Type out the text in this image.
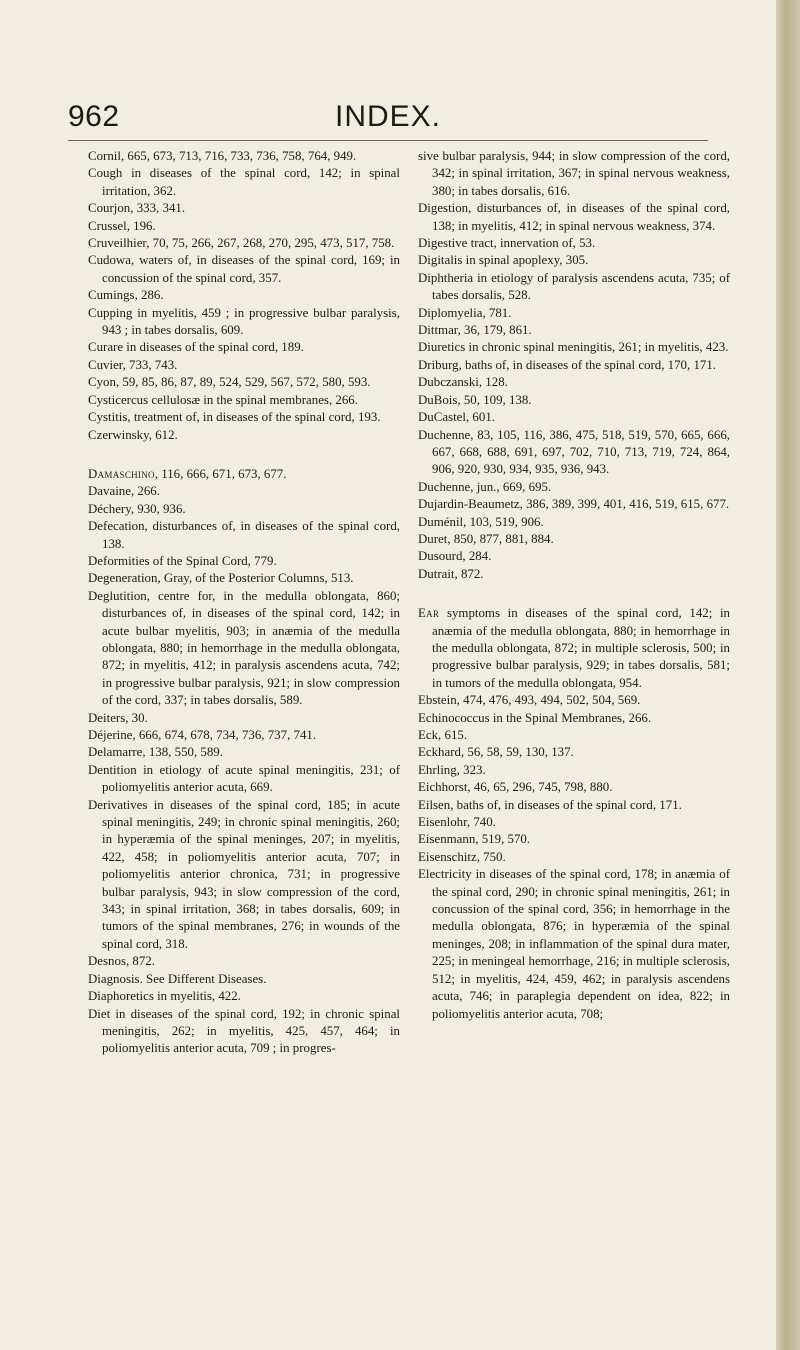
962	INDEX.

Cornil, 665, 673, 713, 716, 733, 736, 758, 764, 949.

Cough in diseases of the spinal cord, 142; in spinal irritation, 362.

Courjon, 333, 341.

Crussel, 196.

Cruveilhier, 70, 75, 266, 267, 268, 270, 295, 473, 517, 758.

Cudowa, waters of, in diseases of the spinal cord, 169; in concussion of the spinal cord, 357.

Cumings, 286.

Cupping in myelitis, 459 ; in progressive bulbar paralysis, 943 ; in tabes dorsalis, 609.

Curare in diseases of the spinal cord, 189.

Cuvier, 733, 743.

Cyon, 59, 85, 86, 87, 89, 524, 529, 567, 572, 580, 593.

Cysticercus cellulosæ in the spinal membranes, 266.

Cystitis, treatment of, in diseases of the spinal cord, 193.

Czerwinsky, 612.

Damaschino, 116, 666, 671, 673, 677.

Davaine, 266.

Déchery, 930, 936.

Defecation, disturbances of, in diseases of the spinal cord, 138.

Deformities of the Spinal Cord, 779.

Degeneration, Gray, of the Posterior Columns, 513.

Deglutition, centre for, in the medulla oblongata, 860; disturbances of, in diseases of the spinal cord, 142; in acute bulbar myelitis, 903; in anæmia of the medulla oblongata, 880; in hemorrhage in the medulla oblongata, 872; in myelitis, 412; in paralysis ascendens acuta, 742; in progressive bulbar paralysis, 921; in slow compression of the cord, 337; in tabes dorsalis, 589.

Deiters, 30.

Déjerine, 666, 674, 678, 734, 736, 737, 741.

Delamarre, 138, 550, 589.

Dentition in etiology of acute spinal meningitis, 231; of poliomyelitis anterior acuta, 669.

Derivatives in diseases of the spinal cord, 185; in acute spinal meningitis, 249; in chronic spinal meningitis, 260; in hyperæmia of the spinal meninges, 207; in myelitis, 422, 458; in poliomyelitis anterior acuta, 707; in poliomyelitis anterior chronica, 731; in progressive bulbar paralysis, 943; in slow compression of the cord, 343; in spinal irritation, 368; in tabes dorsalis, 609; in tumors of the spinal membranes, 276; in wounds of the spinal cord, 318.

Desnos, 872.

Diagnosis. See Different Diseases.

Diaphoretics in myelitis, 422.

Diet in diseases of the spinal cord, 192; in chronic spinal meningitis, 262; in myelitis, 425, 457, 464; in poliomyelitis anterior acuta, 709 ; in progres-

sive bulbar paralysis, 944; in slow compression of the cord, 342; in spinal irritation, 367; in spinal nervous weakness, 380; in tabes dorsalis, 616.

Digestion, disturbances of, in diseases of the spinal cord, 138; in myelitis, 412; in spinal nervous weakness, 374.

Digestive tract, innervation of, 53.

Digitalis in spinal apoplexy, 305.

Diphtheria in etiology of paralysis ascendens acuta, 735; of tabes dorsalis, 528.

Diplomyelia, 781.

Dittmar, 36, 179, 861.

Diuretics in chronic spinal meningitis, 261; in myelitis, 423.

Driburg, baths of, in diseases of the spinal cord, 170, 171.

Dubczanski, 128.

DuBois, 50, 109, 138.

DuCastel, 601.

Duchenne, 83, 105, 116, 386, 475, 518, 519, 570, 665, 666, 667, 668, 688, 691, 697, 702, 710, 713, 719, 724, 864, 906, 920, 930, 934, 935, 936, 943.

Duchenne, jun., 669, 695.

Dujardin-Beaumetz, 386, 389, 399, 401, 416, 519, 615, 677.

Duménil, 103, 519, 906.

Duret, 850, 877, 881, 884.

Dusourd, 284.

Dutrait, 872.

Ear symptoms in diseases of the spinal cord, 142; in anæmia of the medulla oblongata, 880; in hemorrhage in the medulla oblongata, 872; in multiple sclerosis, 500; in progressive bulbar paralysis, 929; in tabes dorsalis, 581; in tumors of the medulla oblongata, 954.

Ebstein, 474, 476, 493, 494, 502, 504, 569.

Echinococcus in the Spinal Membranes, 266.

Eck, 615.

Eckhard, 56, 58, 59, 130, 137.

Ehrling, 323.

Eichhorst, 46, 65, 296, 745, 798, 880.

Eilsen, baths of, in diseases of the spinal cord, 171.

Eisenlohr, 740.

Eisenmann, 519, 570.

Eisenschitz, 750.

Electricity in diseases of the spinal cord, 178; in anæmia of the spinal cord, 290; in chronic spinal meningitis, 261; in concussion of the spinal cord, 356; in hemorrhage in the medulla oblongata, 876; in hyperæmia of the spinal meninges, 208; in inflammation of the spinal dura mater, 225; in meningeal hemorrhage, 216; in multiple sclerosis, 512; in myelitis, 424, 459, 462; in paralysis ascendens acuta, 746; in paraplegia dependent on idea, 822; in poliomyelitis anterior acuta, 708;
